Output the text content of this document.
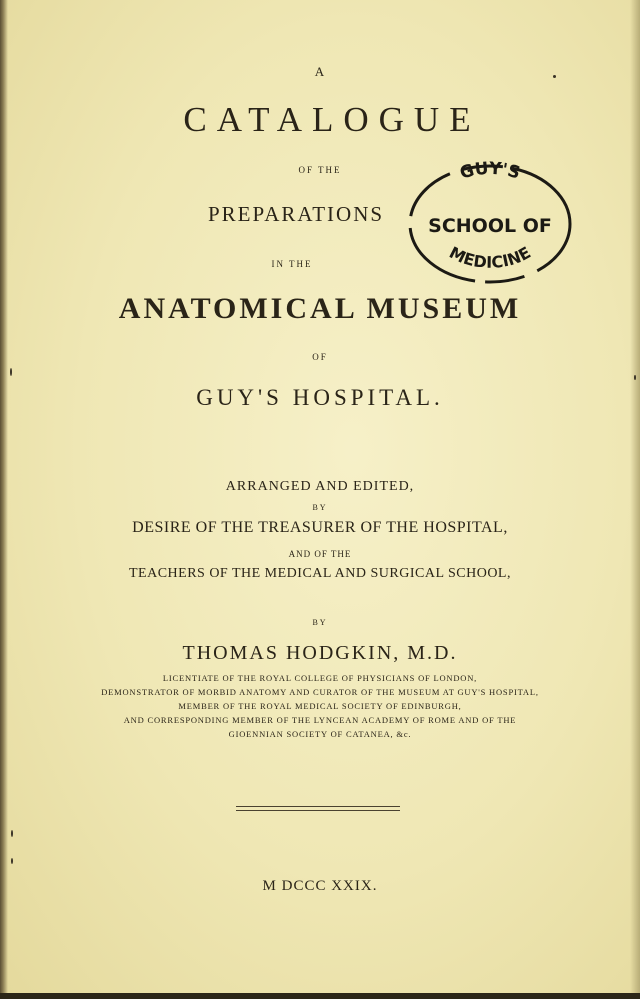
A
CATALOGUE
OF THE
PREPARATIONS
IN THE
ANATOMICAL MUSEUM
OF
GUY'S HOSPITAL.
ARRANGED AND EDITED,
BY
DESIRE OF THE TREASURER OF THE HOSPITAL,
AND OF THE
TEACHERS OF THE MEDICAL AND SURGICAL SCHOOL,
BY
THOMAS HODGKIN, M.D.
LICENTIATE OF THE ROYAL COLLEGE OF PHYSICIANS OF LONDON,
DEMONSTRATOR OF MORBID ANATOMY AND CURATOR OF THE MUSEUM AT GUY'S HOSPITAL,
MEMBER OF THE ROYAL MEDICAL SOCIETY OF EDINBURGH,
AND CORRESPONDING MEMBER OF THE LYNCEAN ACADEMY OF ROME AND OF THE
GIOENNIAN SOCIETY OF CATANEA, &c.
M DCCC XXIX.
GUY'S
SCHOOL OF
MEDICINE
